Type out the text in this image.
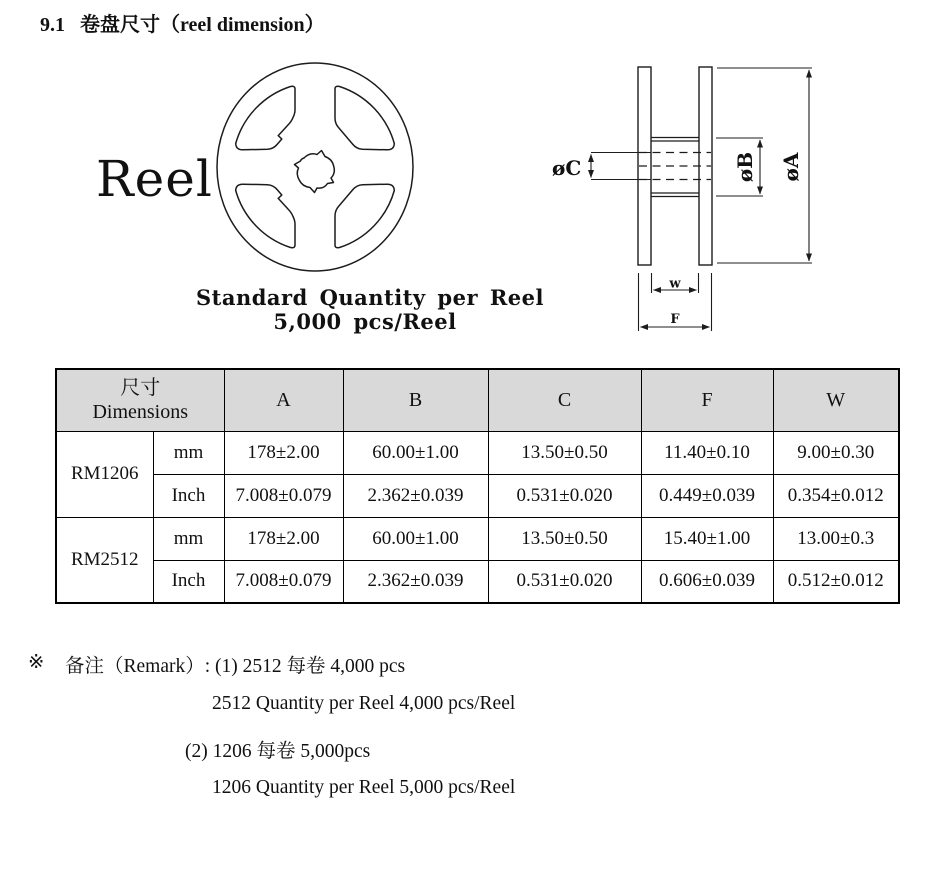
9.1 卷盘尺寸（reel dimension）
øC	øB øA
w
F
Reel
Standard Quantity per Reel
5,000 pcs/Reel
尺寸
Dimensions		A	B	C	F	W
RM1206	mm	178±2.00	60.00±1.00	13.50±0.50	11.40±0.10	9.00±0.30
	Inch	7.008±0.079	2.362±0.039	0.531±0.020	0.449±0.039	0.354±0.012
RM2512	mm	178±2.00	60.00±1.00	13.50±0.50	15.40±1.00	13.00±0.3
	Inch	7.008±0.079	2.362±0.039	0.531±0.020	0.606±0.039	0.512±0.012
※ 备注（Remark）: (1) 2512 每卷 4,000 pcs
2512 Quantity per Reel 4,000 pcs/Reel
(2) 1206 每卷 5,000pcs
1206 Quantity per Reel 5,000 pcs/Reel
